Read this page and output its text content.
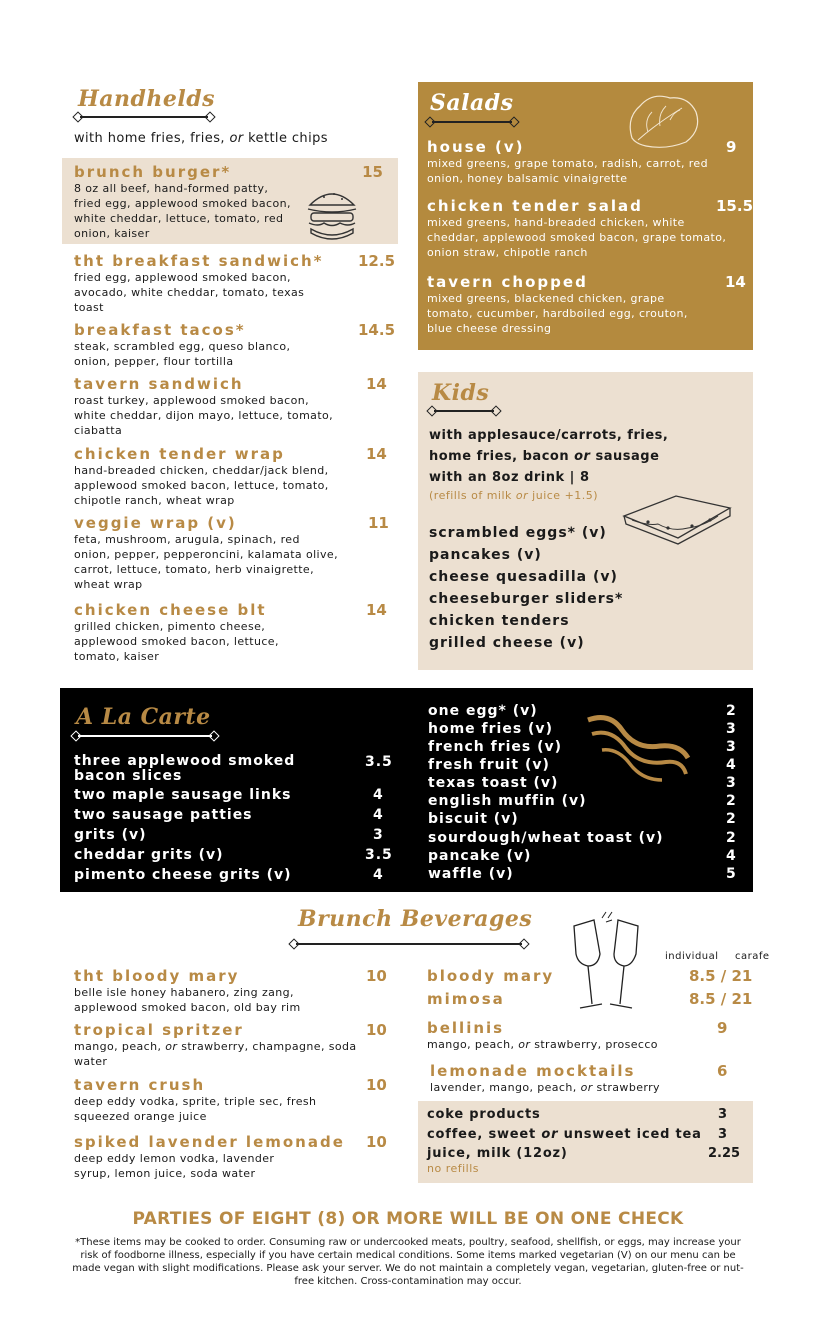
Handhelds
with home fries, fries, or kettle chips
brunch burger*
8 oz all beef, hand-formed patty, fried egg, applewood smoked bacon, white cheddar, lettuce, tomato, red onion, kaiser
15
tht breakfast sandwich*
fried egg, applewood smoked bacon, avocado, white cheddar, tomato, texas toast
12.5
breakfast tacos*
steak, scrambled egg, queso blanco, onion, pepper, flour tortilla
14.5
tavern sandwich
roast turkey, applewood smoked bacon, white cheddar, dijon mayo, lettuce, tomato, ciabatta
14
chicken tender wrap
hand-breaded chicken, cheddar/jack blend, applewood smoked bacon, lettuce, tomato, chipotle ranch, wheat wrap
14
veggie wrap (v)
feta, mushroom, arugula, spinach, red onion, pepper, pepperoncini, kalamata olive, carrot, lettuce, tomato, herb vinaigrette, wheat wrap
11
chicken cheese blt
grilled chicken, pimento cheese, applewood smoked bacon, lettuce, tomato, kaiser
14
Salads
house (v)
mixed greens, grape tomato, radish, carrot, red onion, honey balsamic vinaigrette
9
chicken tender salad
mixed greens, hand-breaded chicken, white cheddar, applewood smoked bacon, grape tomato, onion straw, chipotle ranch
15.5
tavern chopped
mixed greens, blackened chicken, grape tomato, cucumber, hardboiled egg, crouton, blue cheese dressing
14
Kids
with applesauce/carrots, fries,
home fries, bacon or sausage
with an 8oz drink | 8
(refills of milk or juice +1.5)
scrambled eggs* (v)
pancakes (v)
cheese quesadilla (v)
cheeseburger sliders*
chicken tenders
grilled cheese (v)
A La Carte
three applewood smoked
bacon slices
3.5
two maple sausage links	4
two sausage patties	4
grits (v)	3
cheddar grits (v)	3.5
pimento cheese grits (v)	4
one egg* (v)	2
home fries (v)	3
french fries (v)	3
fresh fruit (v)	4
texas toast (v)	3
english muffin (v)	2
biscuit (v)	2
sourdough/wheat toast (v)	2
pancake (v)	4
waffle (v)	5
Brunch Beverages
individual carafe
tht bloody mary
belle isle honey habanero, zing zang, applewood smoked bacon, old bay rim
10
tropical spritzer
mango, peach, or strawberry, champagne, soda water
10
tavern crush
deep eddy vodka, sprite, triple sec, fresh squeezed orange juice
10
spiked lavender lemonade
deep eddy lemon vodka, lavender syrup, lemon juice, soda water
10
bloody mary	8.5 / 21
mimosa	8.5 / 21
bellinis
mango, peach, or strawberry, prosecco
9
lemonade mocktails
lavender, mango, peach, or strawberry
6
coke products	3
coffee, sweet or unsweet iced tea 3
juice, milk (12oz)	2.25
no refills
PARTIES OF EIGHT (8) OR MORE WILL BE ON ONE CHECK
*These items may be cooked to order. Consuming raw or undercooked meats, poultry, seafood, shellfish, or eggs, may increase your risk of foodborne illness, especially if you have certain medical conditions. Some items marked vegetarian (V) on our menu can be made vegan with slight modifications. Please ask your server. We do not maintain a completely vegan, vegetarian, gluten-free or nut-free kitchen. Cross-contamination may occur.
